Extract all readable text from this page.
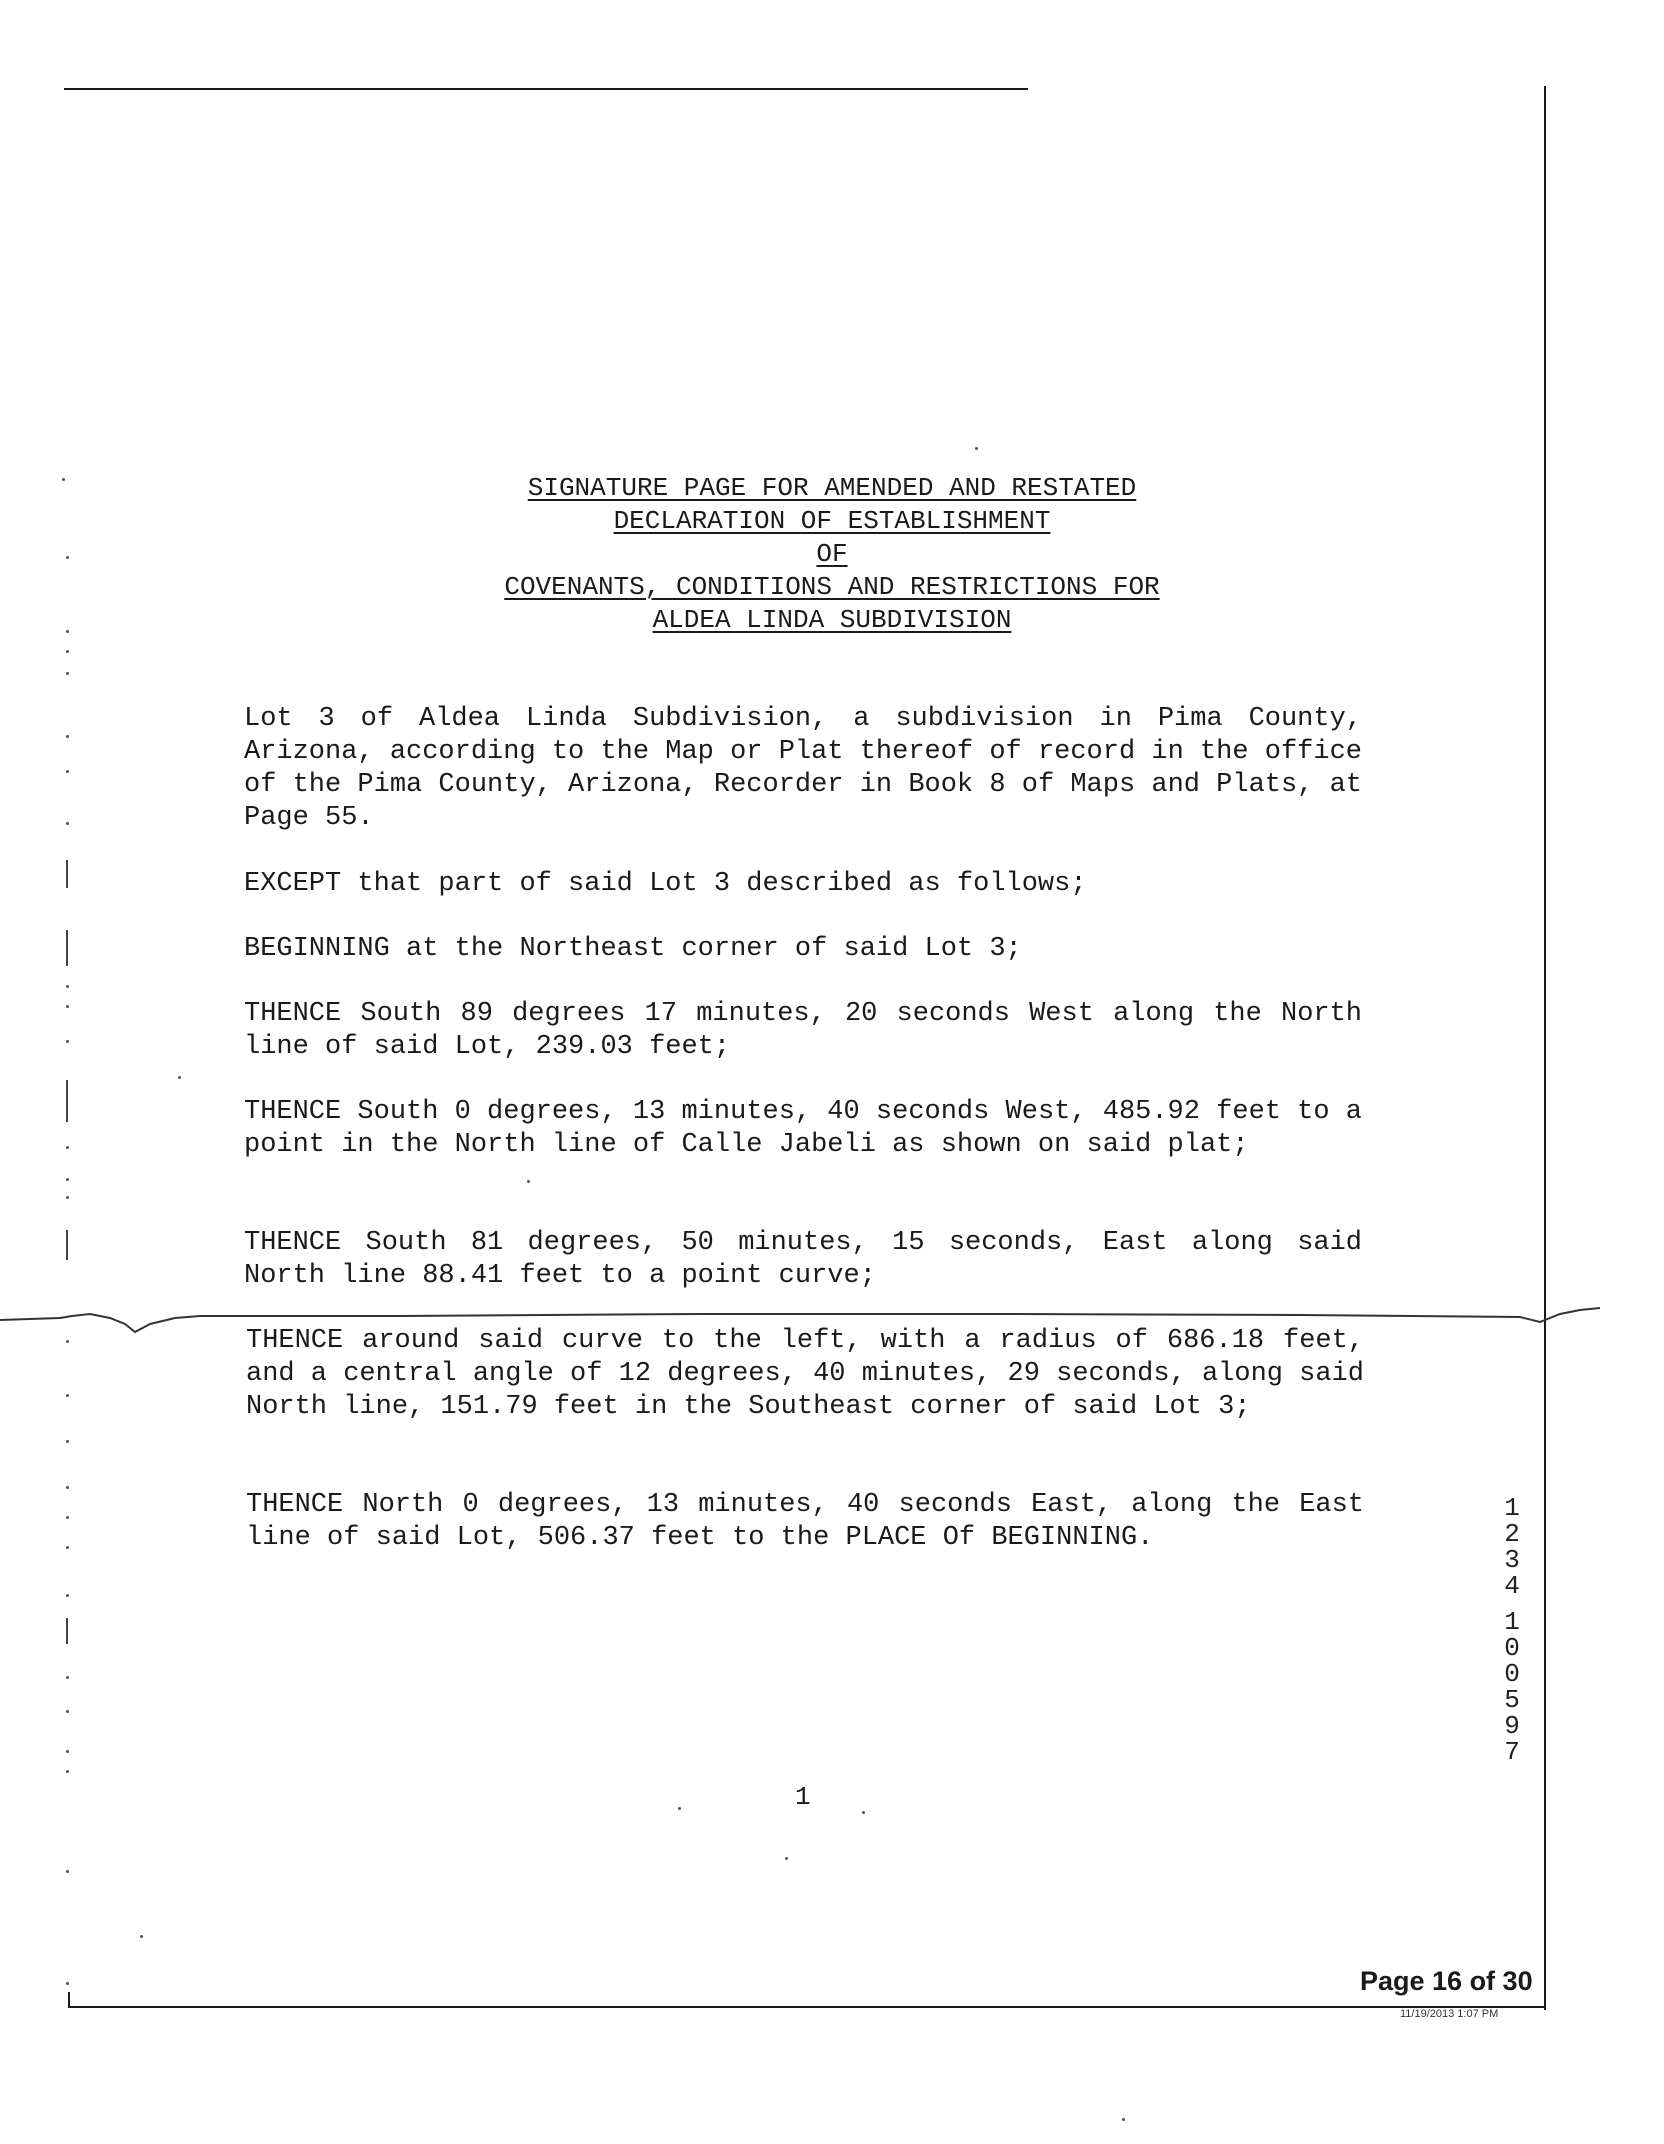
SIGNATURE PAGE FOR AMENDED AND RESTATED
DECLARATION OF ESTABLISHMENT
OF
COVENANTS, CONDITIONS AND RESTRICTIONS FOR
ALDEA LINDA SUBDIVISION

Lot 3 of Aldea Linda Subdivision, a subdivision in Pima County, Arizona, according to the Map or Plat thereof of record in the office of the Pima County, Arizona, Recorder in Book 8 of Maps and Plats, at Page 55.

EXCEPT that part of said Lot 3 described as follows;

BEGINNING at the Northeast corner of said Lot 3;

THENCE South 89 degrees 17 minutes, 20 seconds West along the North line of said Lot, 239.03 feet;

THENCE South 0 degrees, 13 minutes, 40 seconds West, 485.92 feet to a point in the North line of Calle Jabeli as shown on said plat;

THENCE South 81 degrees, 50 minutes, 15 seconds, East along said North line 88.41 feet to a point curve;

THENCE around said curve to the left, with a radius of 686.18 feet, and a central angle of 12 degrees, 40 minutes, 29 seconds, along said North line, 151.79 feet in the Southeast corner of said Lot 3;

THENCE North 0 degrees, 13 minutes, 40 seconds East, along the East line of said Lot, 506.37 feet to the PLACE Of BEGINNING.

1
2
3
4
1
0
0
5
9
7
1
Page 16 of 30
11/19/2013 1:07 PM
